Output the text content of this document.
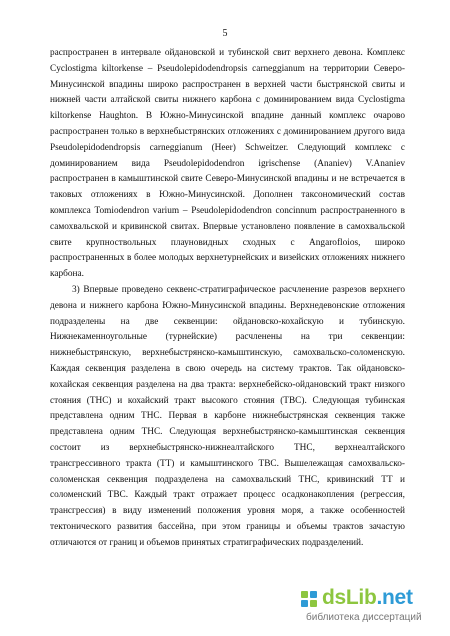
5

распространен в интервале ойдановской и тубинской свит верхнего девона. Комплекс Cyclostigma kiltorkense – Pseudolepidodendropsis carneggianum на территории Северо-Минусинской впадины широко распространен в верхней части быстрянской свиты и нижней части алтайской свиты нижнего карбона с доминированием вида Cyclostigma kiltorkense Haughton. В Южно-Минусинской впадине данный комплекс очарово распространен только в верхнебыстрянских отложениях с доминированием другого вида Pseudolepidodendropsis carneggianum (Heer) Schweitzer. Следующий комплекс с доминированием вида Pseudolepidodendron igrischense (Ananiev) V.Ananiev распространен в камыштинской свите Северо-Минусинской впадины и не встречается в таковых отложениях в Южно-Минусинской. Дополнен таксономический состав комплекса Tomiodendron varium – Pseudolepidodendron concinnum распространенного в самохвальской и кривинской свитах. Впервые установлено появление в самохвальской свите крупноствольных плауновидных сходных с Angarofloios, широко распространенных в более молодых верхнетурнейских и визейских отложениях нижнего карбона.

3) Впервые проведено секвенс-стратиграфическое расчленение разрезов верхнего девона и нижнего карбона Южно-Минусинской впадины. Верхнедевонские отложения подразделены на две секвенции: ойдановско-кохайскую и тубинскую. Нижнекаменноугольные (турнейские) расчленены на три секвенции: нижнебыстрянскую, верхнебыстрянско-камыштинскую, самохвальско-соломенскую. Каждая секвенция разделена в свою очередь на систему трактов. Так ойдановско-кохайская секвенция разделена на два тракта: верхнебейско-ойдановский тракт низкого стояния (ТНС) и кохайский тракт высокого стояния (ТВС). Следующая тубинская представлена одним ТНС. Первая в карбоне нижнебыстрянская секвенция также представлена одним ТНС. Следующая верхнебыстрянско-камыштинская секвенция состоит из верхнебыстрянско-нижнеалтайского ТНС, верхнеалтайского трансгрессивного тракта (ТТ) и камыштинского ТВС. Вышележащая самохвальско-соломенская секвенция подразделена на самохвальский ТНС, кривинский ТТ и соломенский ТВС. Каждый тракт отражает процесс осадконакопления (регрессия, трансгрессия) в виду изменений положения уровня моря, а также особенностей тектонического развития бассейна, при этом границы и объемы трактов зачастую отличаются от границ и объемов принятых стратиграфических подразделений.

dsLib.net
библиотека диссертаций
